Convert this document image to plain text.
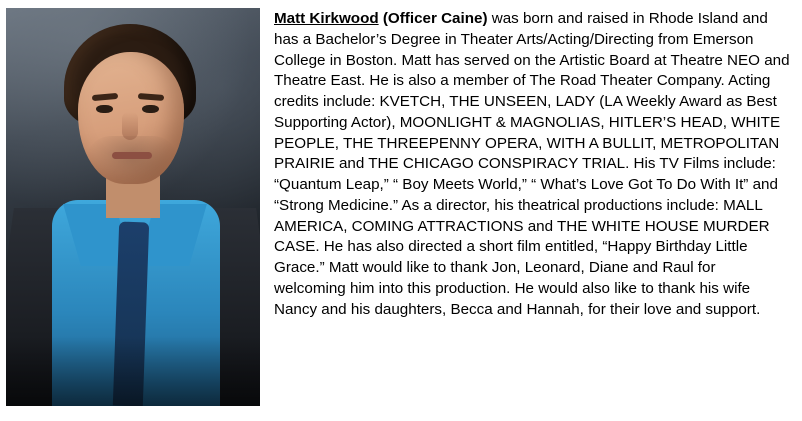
Matt Kirkwood (Officer Caine) was born and raised in Rhode Island and has a Bachelor’s Degree in Theater Arts/Acting/Directing from Emerson College in Boston. Matt has served on the Artistic Board at Theatre NEO and Theatre East. He is also a member of The Road Theater Company. Acting credits include: KVETCH, THE UNSEEN, LADY (LA Weekly Award as Best Supporting Actor), MOONLIGHT & MAGNOLIAS, HITLER’S HEAD, WHITE PEOPLE, THE THREEPENNY OPERA, WITH A BULLIT, METROPOLITAN PRAIRIE and THE CHICAGO CONSPIRACY TRIAL. His TV Films include: “Quantum Leap,” “ Boy Meets World,” “ What’s Love Got To Do With It” and “Strong Medicine.” As a director, his theatrical productions include: MALL AMERICA, COMING ATTRACTIONS and THE WHITE HOUSE MURDER CASE. He has also directed a short film entitled, “Happy Birthday Little Grace.” Matt would like to thank Jon, Leonard, Diane and Raul for welcoming him into this production. He would also like to thank his wife Nancy and his daughters, Becca and Hannah, for their love and support.
